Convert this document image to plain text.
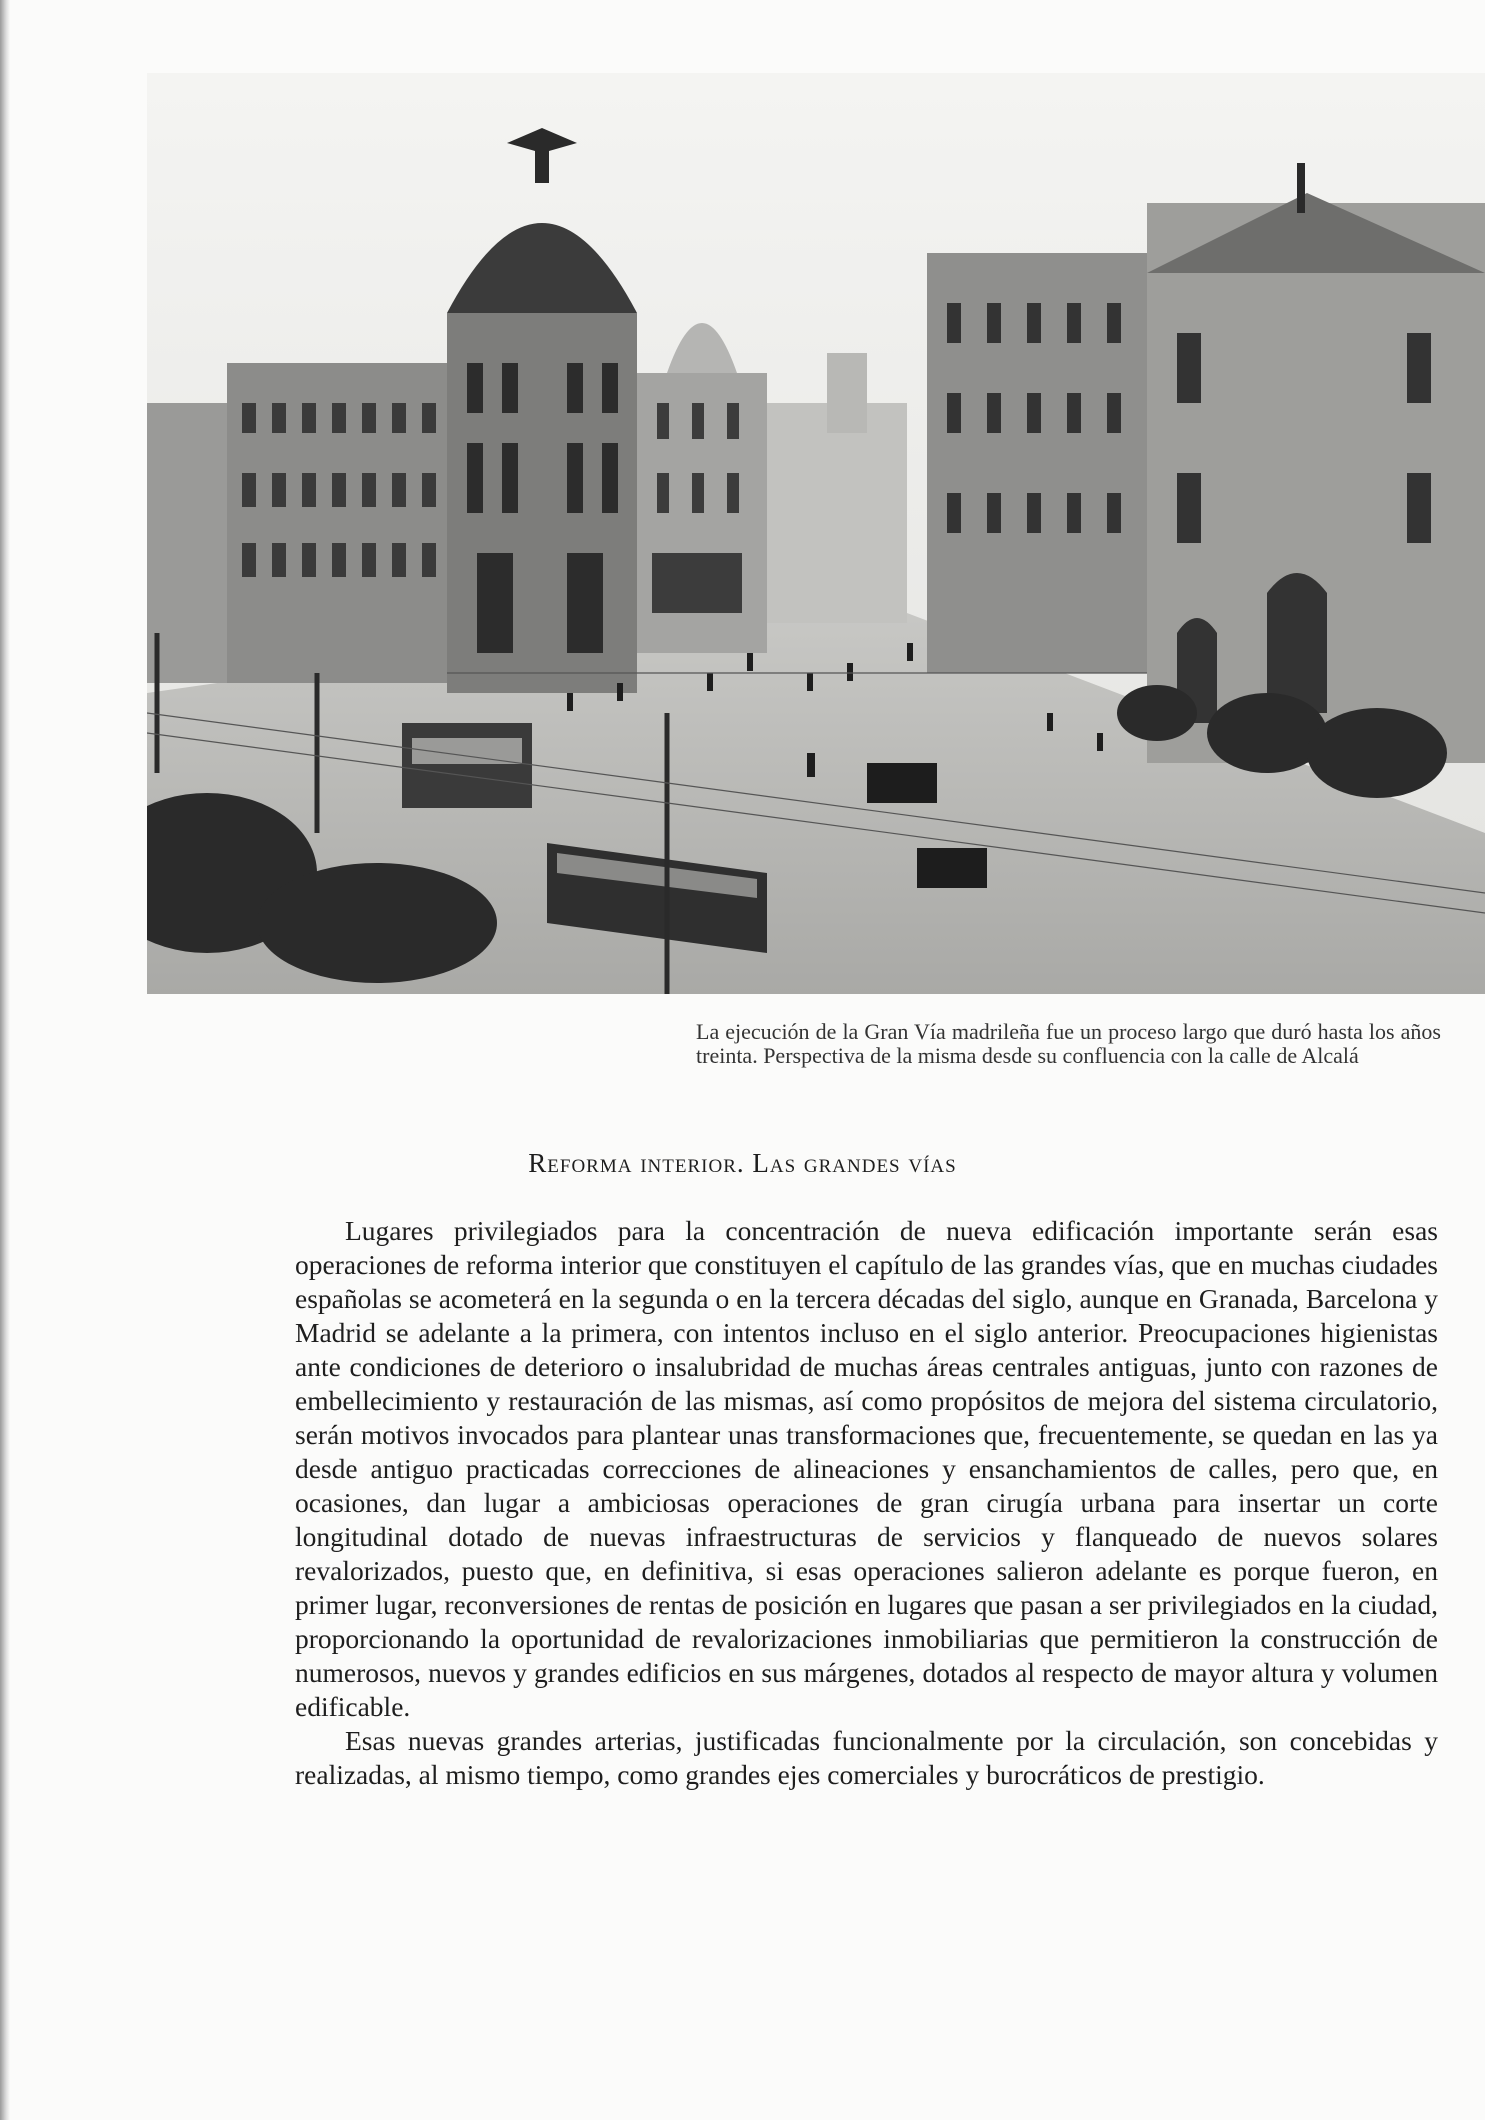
La ejecución de la Gran Vía madrileña fue un proceso largo que duró hasta los años treinta. Perspectiva de la misma desde su confluencia con la calle de Alcalá
Reforma interior. Las grandes vías

Lugares privilegiados para la concentración de nueva edificación importante serán esas operaciones de reforma interior que constituyen el capítulo de las grandes vías, que en muchas ciudades españolas se acometerá en la segunda o en la tercera décadas del siglo, aunque en Granada, Barcelona y Madrid se adelante a la primera, con intentos incluso en el siglo anterior. Preocupaciones higienistas ante condiciones de deterioro o insalubridad de muchas áreas centrales antiguas, junto con razones de embellecimiento y restauración de las mismas, así como propósitos de mejora del sistema circulatorio, serán motivos invocados para plantear unas transformaciones que, frecuentemente, se quedan en las ya desde antiguo practicadas correcciones de alineaciones y ensanchamientos de calles, pero que, en ocasiones, dan lugar a ambiciosas operaciones de gran cirugía urbana para insertar un corte longitudinal dotado de nuevas infraestructuras de servicios y flanqueado de nuevos solares revalorizados, puesto que, en definitiva, si esas operaciones salieron adelante es porque fueron, en primer lugar, reconversiones de rentas de posición en lugares que pasan a ser privilegiados en la ciudad, proporcionando la oportunidad de revalorizaciones inmobiliarias que permitieron la construcción de numerosos, nuevos y grandes edificios en sus márgenes, dotados al respecto de mayor altura y volumen edificable.

Esas nuevas grandes arterias, justificadas funcionalmente por la circulación, son concebidas y realizadas, al mismo tiempo, como grandes ejes comerciales y burocráticos de prestigio.
